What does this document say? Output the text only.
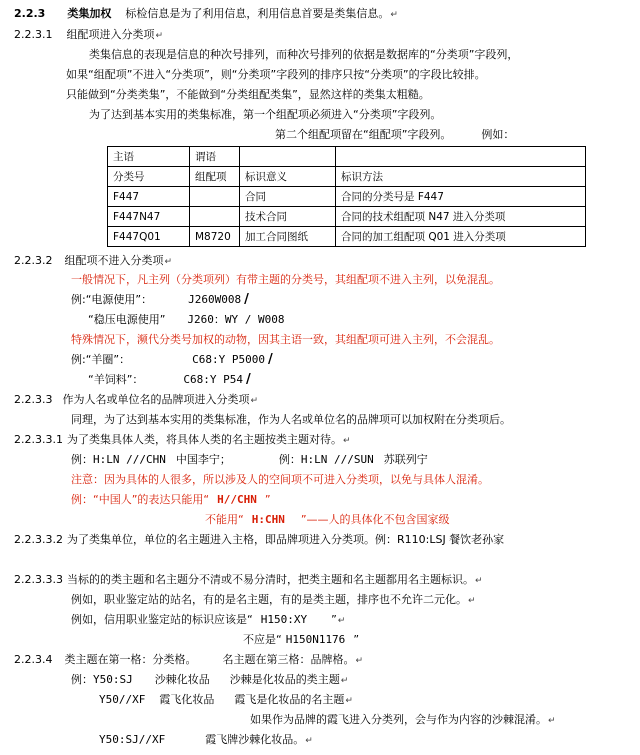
2.2.3 类集加权 标检信息是为了利用信息，利用信息首要是类集信息。↵
2.2.3.1 组配项进入分类项↵
类集信息的表现是信息的种次号排列，而种次号排列的依据是数据库的“分类项”字段列，
如果“组配项”不进入“分类项”，则“分类项”字段列的排序只按“分类项”的字段比较排。
只能做到“分类类集”，不能做到“分类组配类集”，显然这样的类集太粗糙。
为了达到基本实用的类集标准，第一个组配项必须进入“分类项”字段列。
第二个组配项留在“组配项”字段列。	例如：
主语	谓语		
分类号	组配项	标识意义	标识方法
F447		合同	合同的分类号是 F447
F447N47		技术合同	合同的技术组配项 N47 进入分类项
F447Q01	M8720	加工合同图纸	合同的加工组配项 Q01 进入分类项
2.2.3.2 组配项不进入分类项↵
一般情况下，凡主列（分类项列）有带主题的分类号，其组配项不进入主列，以免混乱。
例:“电源使用”：	J260W008 /
“稳压电源使用” J260：WY / W008
特殊情况下，濒代分类号加权的动物，因其主语一致，其组配项可进入主列，不会混乱。
例:“羊圈”：	C68:Y P5000 /
“羊饲料”：	C68:Y P54 /
2.2.3.3 作为人名或单位名的品牌项进入分类项↵
同理，为了达到基本实用的类集标准，作为人名或单位名的品牌项可以加权附在分类项后。
2.2.3.3.1 为了类集具体人类，将具体人类的名主题按类主题对待。↵
例：H:LN ///CHN 中国李宁；	例：H:LN ///SUN 苏联列宁
注意：因为具体的人很多，所以涉及人的空间项不可进入分类项，以免与具体人混淆。
例：“中国人”的表达只能用“ H//CHN ”
不能用“ H:CHN ”——人的具体化不包含国家级
2.2.3.3.2 为了类集单位，单位的名主题进入主格，即品牌项进入分类项。例：R110:LSJ 餐饮老孙家
2.2.3.3.3 当标的的类主题和名主题分不清或不易分清时，把类主题和名主题都用名主题标识。↵
例如，职业鉴定站的站名，有的是名主题，有的是类主题，排序也不允许二元化。↵
例如，信用职业鉴定站的标识应该是“ H150:XY ”↵
不应是“ H150N1176 ”
2.2.3.4 类主题在第一格：分类格。 名主题在第三格：品牌格。↵
例：Y50:SJ 沙棘化妆品 沙棘是化妆品的类主题↵
Y50//XF 霞飞化妆品 霞飞是化妆品的名主题↵
如果作为品牌的霞飞进入分类列，会与作为内容的沙棘混淆。↵
Y50:SJ//XF	霞飞牌沙棘化妆品。↵
